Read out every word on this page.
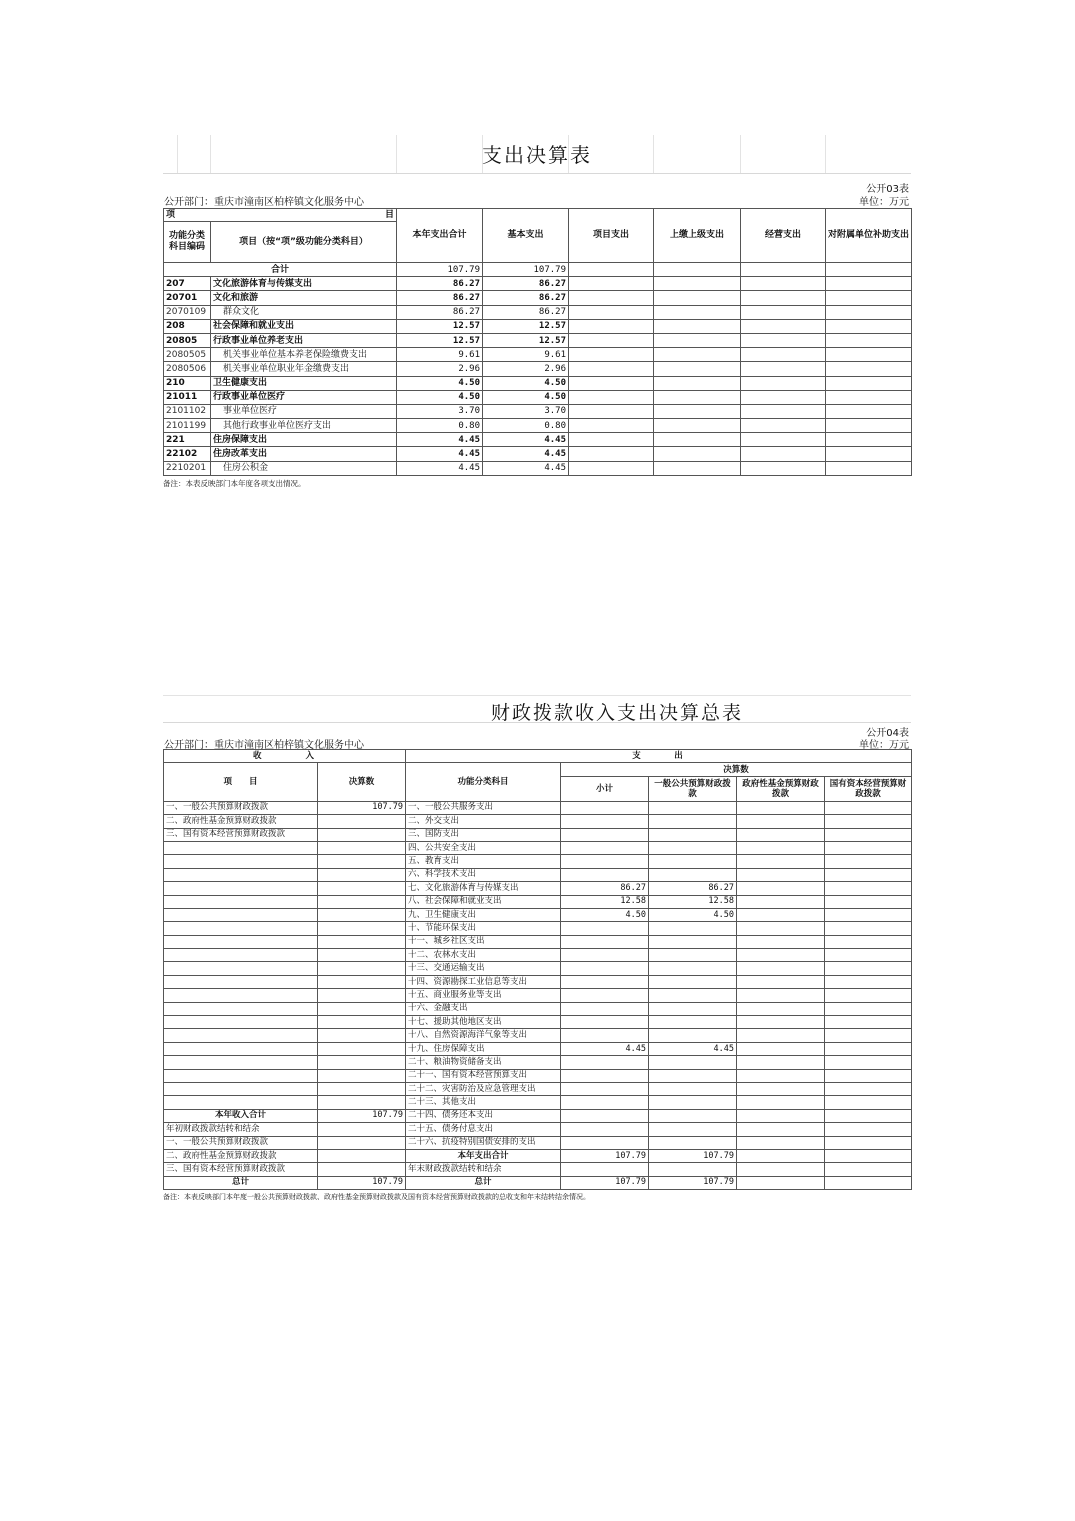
支出决算表
公开03表
单位：万元
公开部门：重庆市潼南区柏梓镇文化服务中心
项 目		本年支出合计	基本支出	项目支出	上缴上级支出	经营支出	对附属单位补助支出
功能分类科目编码	项目（按“项”级功能分类科目）						
合计		107.79	107.79				
207	文化旅游体育与传媒支出	86.27	86.27				
20701	文化和旅游	86.27	86.27				
2070109	群众文化	86.27	86.27				
208	社会保障和就业支出	12.57	12.57				
20805	行政事业单位养老支出	12.57	12.57				
2080505	机关事业单位基本养老保险缴费支出	9.61	9.61				
2080506	机关事业单位职业年金缴费支出	2.96	2.96				
210	卫生健康支出	4.50	4.50				
21011	行政事业单位医疗	4.50	4.50				
2101102	事业单位医疗	3.70	3.70				
2101199	其他行政事业单位医疗支出	0.80	0.80				
221	住房保障支出	4.45	4.45				
22102	住房改革支出	4.45	4.45				
2210201	住房公积金	4.45	4.45				
备注：本表反映部门本年度各项支出情况。
财政拨款收入支出决算总表
公开04表
单位：万元
公开部门：重庆市潼南区柏梓镇文化服务中心
收　　　　入		支　　　出				
项　　目	决算数	功能分类科目	决算数			
			小计	一般公共预算财政拨款	政府性基金预算财政拨款	国有资本经营预算财政拨款
一、一般公共预算财政拨款	107.79	一、一般公共服务支出				
二、政府性基金预算财政拨款		二、外交支出				
三、国有资本经营预算财政拨款		三、国防支出				
		四、公共安全支出				
		五、教育支出				
		六、科学技术支出				
		七、文化旅游体育与传媒支出	86.27	86.27		
		八、社会保障和就业支出	12.58	12.58		
		九、卫生健康支出	4.50	4.50		
		十、节能环保支出				
		十一、城乡社区支出				
		十二、农林水支出				
		十三、交通运输支出				
		十四、资源勘探工业信息等支出				
		十五、商业服务业等支出				
		十六、金融支出				
		十七、援助其他地区支出				
		十八、自然资源海洋气象等支出				
		十九、住房保障支出	4.45	4.45		
		二十、粮油物资储备支出				
		二十一、国有资本经营预算支出				
		二十二、灾害防治及应急管理支出				
		二十三、其他支出				
本年收入合计	107.79	二十四、债务还本支出				
年初财政拨款结转和结余		二十五、债务付息支出				
一、一般公共预算财政拨款		二十六、抗疫特别国债安排的支出				
二、政府性基金预算财政拨款		本年支出合计	107.79	107.79		
三、国有资本经营预算财政拨款		年末财政拨款结转和结余				
总计	107.79	总计	107.79	107.79		
备注：本表反映部门本年度一般公共预算财政拨款、政府性基金预算财政拨款及国有资本经营预算财政拨款的总收支和年末结转结余情况。
